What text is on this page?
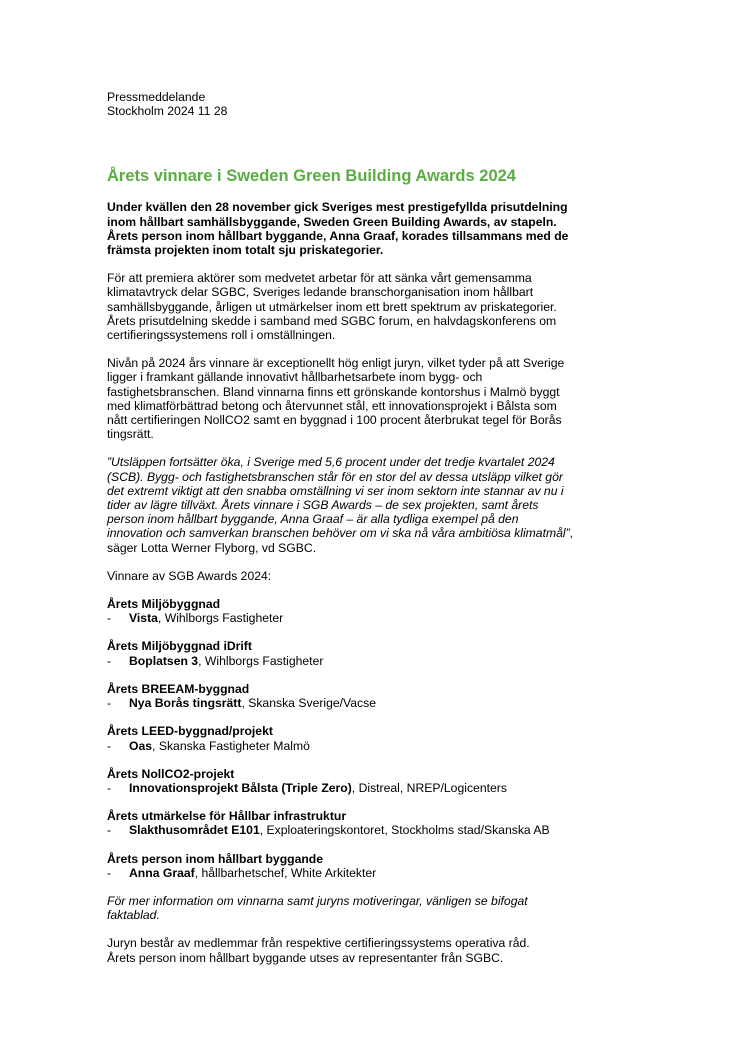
Pressmeddelande
Stockholm 2024 11 28
Årets vinnare i Sweden Green Building Awards 2024

Under kvällen den 28 november gick Sveriges mest prestigefyllda prisutdelning inom hållbart samhällsbyggande, Sweden Green Building Awards, av stapeln. Årets person inom hållbart byggande, Anna Graaf, korades tillsammans med de främsta projekten inom totalt sju priskategorier.

För att premiera aktörer som medvetet arbetar för att sänka vårt gemensamma klimatavtryck delar SGBC, Sveriges ledande branschorganisation inom hållbart samhällsbyggande, årligen ut utmärkelser inom ett brett spektrum av priskategorier. Årets prisutdelning skedde i samband med SGBC forum, en halvdagskonferens om certifieringssystemens roll i omställningen.

Nivån på 2024 års vinnare är exceptionellt hög enligt juryn, vilket tyder på att Sverige ligger i framkant gällande innovativt hållbarhetsarbete inom bygg- och fastighetsbranschen. Bland vinnarna finns ett grönskande kontorshus i Malmö byggt med klimatförbättrad betong och återvunnet stål, ett innovationsprojekt i Bålsta som nått certifieringen NollCO2 samt en byggnad i 100 procent återbrukat tegel för Borås tingsrätt.

”Utsläppen fortsätter öka, i Sverige med 5,6 procent under det tredje kvartalet 2024 (SCB). Bygg- och fastighetsbranschen står för en stor del av dessa utsläpp vilket gör det extremt viktigt att den snabba omställning vi ser inom sektorn inte stannar av nu i tider av lägre tillväxt. Årets vinnare i SGB Awards – de sex projekten, samt årets person inom hållbart byggande, Anna Graaf – är alla tydliga exempel på den innovation och samverkan branschen behöver om vi ska nå våra ambitiösa klimatmål”, säger Lotta Werner Flyborg, vd SGBC.

Vinnare av SGB Awards 2024:

Årets Miljöbyggnad
- Vista, Wihlborgs Fastigheter
Årets Miljöbyggnad iDrift
- Boplatsen 3, Wihlborgs Fastigheter
Årets BREEAM-byggnad
- Nya Borås tingsrätt, Skanska Sverige/Vacse
Årets LEED-byggnad/projekt
- Oas, Skanska Fastigheter Malmö
Årets NollCO2-projekt
- Innovationsprojekt Bålsta (Triple Zero), Distreal, NREP/Logicenters
Årets utmärkelse för Hållbar infrastruktur
- Slakthusområdet E101, Exploateringskontoret, Stockholms stad/Skanska AB
Årets person inom hållbart byggande
- Anna Graaf, hållbarhetschef, White Arkitekter

För mer information om vinnarna samt juryns motiveringar, vänligen se bifogat faktablad.

Juryn består av medlemmar från respektive certifieringssystems operativa råd.
Årets person inom hållbart byggande utses av representanter från SGBC.
